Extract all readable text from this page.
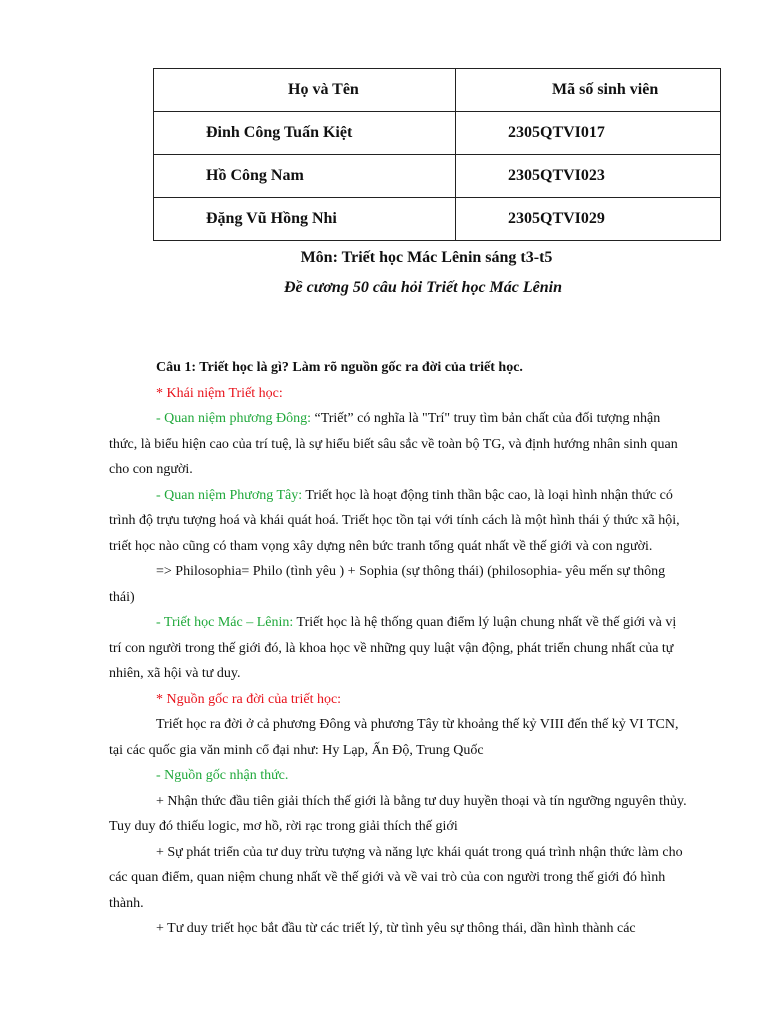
Họ và Tên	Mã số sinh viên
Đinh Công Tuấn Kiệt	2305QTVI017
Hồ Công Nam	2305QTVI023
Đặng Vũ Hồng Nhi	2305QTVI029
Môn: Triết học Mác Lênin sáng t3-t5
Đề cương 50 câu hỏi Triết học Mác Lênin

Câu 1: Triết học là gì? Làm rõ nguồn gốc ra đời của triết học.

* Khái niệm Triết học:

- Quan niệm phương Đông: “Triết” có nghĩa là "Trí" truy tìm bản chất của đối tượng nhận thức, là biểu hiện cao của trí tuệ, là sự hiểu biết sâu sắc về toàn bộ TG, và định hướng nhân sinh quan cho con người.

- Quan niệm Phương Tây: Triết học là hoạt động tinh thần bậc cao, là loại hình nhận thức có trình độ trựu tượng hoá và khái quát hoá. Triết học tồn tại với tính cách là một hình thái ý thức xã hội, triết học nào cũng có tham vọng xây dựng nên bức tranh tổng quát nhất về thế giới và con người.

=> Philosophia= Philo (tình yêu ) + Sophia (sự thông thái) (philosophia- yêu mến sự thông thái)

- Triết học Mác – Lênin: Triết học là hệ thống quan điểm lý luận chung nhất về thế giới và vị trí con người trong thế giới đó, là khoa học về những quy luật vận động, phát triển chung nhất của tự nhiên, xã hội và tư duy.

* Nguồn gốc ra đời của triết học:

Triết học ra đời ở cả phương Đông và phương Tây từ khoảng thế kỷ VIII đến thế kỷ VI TCN, tại các quốc gia văn minh cổ đại như: Hy Lạp, Ấn Độ, Trung Quốc

- Nguồn gốc nhận thức.

+ Nhận thức đầu tiên giải thích thế giới là bằng tư duy huyền thoại và tín ngưỡng nguyên thủy. Tuy duy đó thiếu logic, mơ hồ, rời rạc trong giải thích thế giới

+ Sự phát triển của tư duy trừu tượng và năng lực khái quát trong quá trình nhận thức làm cho các quan điểm, quan niệm chung nhất về thế giới và về vai trò của con người trong thế giới đó hình thành.

+ Tư duy triết học bắt đầu từ các triết lý, từ tình yêu sự thông thái, dần hình thành các
